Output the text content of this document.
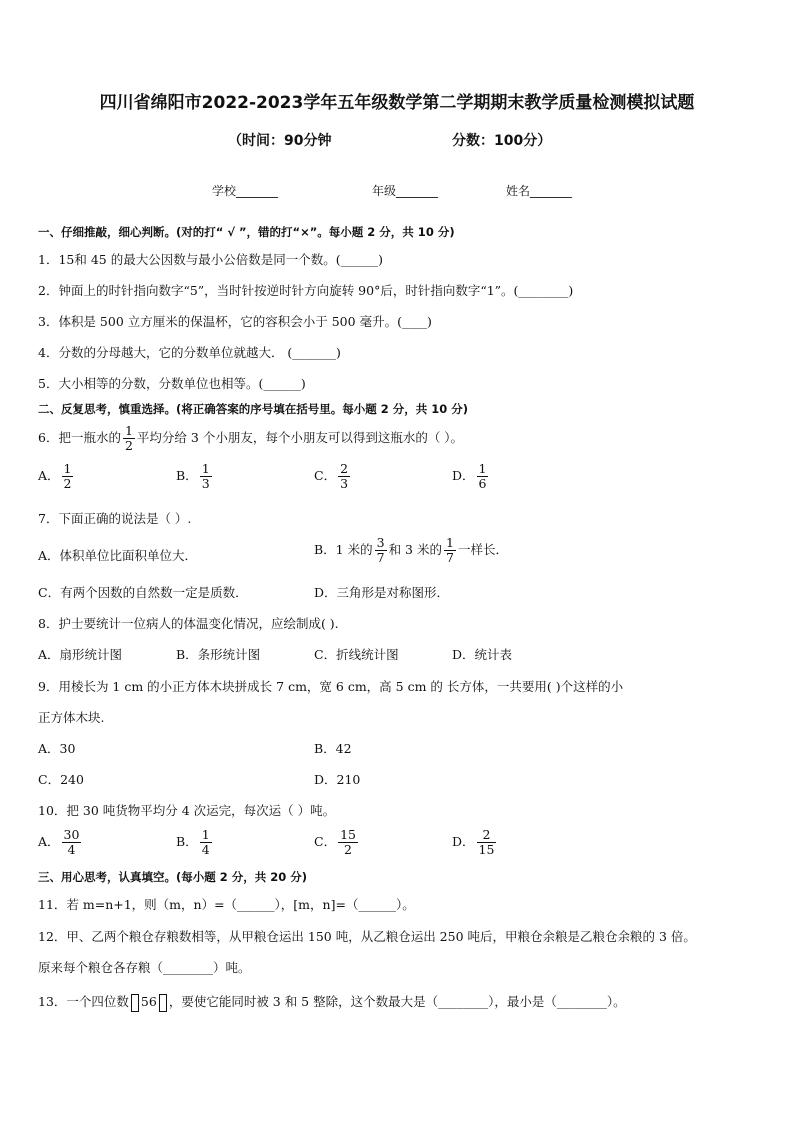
四川省绵阳市2022-2023学年五年级数学第二学期期末教学质量检测模拟试题
（时间：90分钟	分数：100分）
学校_______	年级_______	姓名_______
一、仔细推敲，细心判断。(对的打“ √ ”，错的打“×”。每小题 2 分，共 10 分)
1．15和 45 的最大公因数与最小公倍数是同一个数。(______)
2．钟面上的时针指向数字“5”，当时针按逆时针方向旋转 90°后，时针指向数字“1”。(________)
3．体积是 500 立方厘米的保温杯，它的容积会小于 500 毫升。(____)
4．分数的分母越大，它的分数单位就越大． (_______)
5．大小相等的分数，分数单位也相等。(______)
二、反复思考，慎重选择。(将正确答案的序号填在括号里。每小题 2 分，共 10 分)
6．把一瓶水的 $\frac{1}{2}$ 平均分给 3 个小朋友，每个小朋友可以得到这瓶水的（ ）。
A． $\frac{1}{2}$	B． $\frac{1}{3}$	C． $\frac{2}{3}$	D． $\frac{1}{6}$
7．下面正确的说法是（ ）.
A．体积单位比面积单位大．	B．1 米的 $\frac{3}{7}$ 和 3 米的 $\frac{1}{7}$ 一样长．
C．有两个因数的自然数一定是质数．	D．三角形是对称图形．
8．护士要统计一位病人的体温变化情况，应绘制成( ).
A．扇形统计图	B．条形统计图	C．折线统计图	D．统计表
9．用棱长为 1 cm 的小正方体木块拼成长 7 cm，宽 6 cm，高 5 cm 的 长方体，一共要用( )个这样的小
正方体木块.
A．30	B．42
C．240	D．210
10．把 30 吨货物平均分 4 次运完，每次运（ ）吨。
A． $\frac{30}{4}$	B． $\frac{1}{4}$	C． $\frac{15}{2}$	D． $\frac{2}{15}$
三、用心思考，认真填空。(每小题 2 分，共 20 分)
11．若 m=n+1，则（m，n）=（______），[m，n]=（______）。
12．甲、乙两个粮仓存粮数相等，从甲粮仓运出 150 吨，从乙粮仓运出 250 吨后，甲粮仓余粮是乙粮仓余粮的 3 倍。
原来每个粮仓各存粮（________）吨。
13．一个四位数 56 ，要使它能同时被 3 和 5 整除，这个数最大是（________），最小是（________）。
